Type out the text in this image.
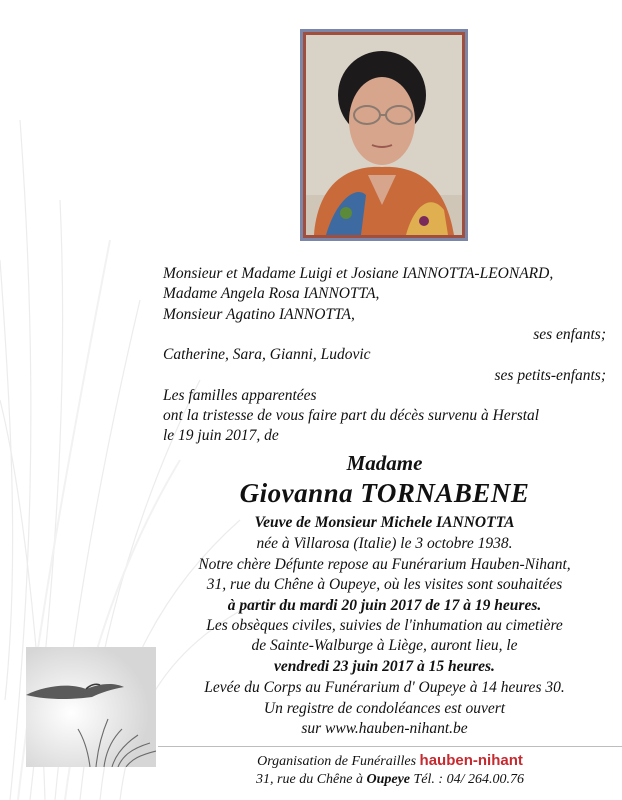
Monsieur et Madame Luigi et Josiane IANNOTTA-LEONARD,
Madame Angela Rosa IANNOTTA,
Monsieur Agatino IANNOTTA,
ses enfants;
Catherine, Sara, Gianni, Ludovic
ses petits-enfants;
Les familles apparentées
ont la tristesse de vous faire part du décès survenu à Herstal
le 19 juin 2017, de
Madame
Giovanna TORNABENE
Veuve de Monsieur Michele IANNOTTA
née à Villarosa (Italie) le 3 octobre 1938.
Notre chère Défunte repose au Funérarium Hauben-Nihant,
31, rue du Chêne à Oupeye, où les visites sont souhaitées
à partir du mardi 20 juin 2017 de 17 à 19 heures.
Les obsèques civiles, suivies de l'inhumation au cimetière
de Sainte-Walburge à Liège, auront lieu, le
vendredi 23 juin 2017 à 15 heures.
Levée du Corps au Funérarium d' Oupeye à 14 heures 30.
Un registre de condoléances est ouvert
sur www.hauben-nihant.be
Organisation de Funérailles hauben-nihant
31, rue du Chêne à Oupeye Tél. : 04/ 264.00.76
